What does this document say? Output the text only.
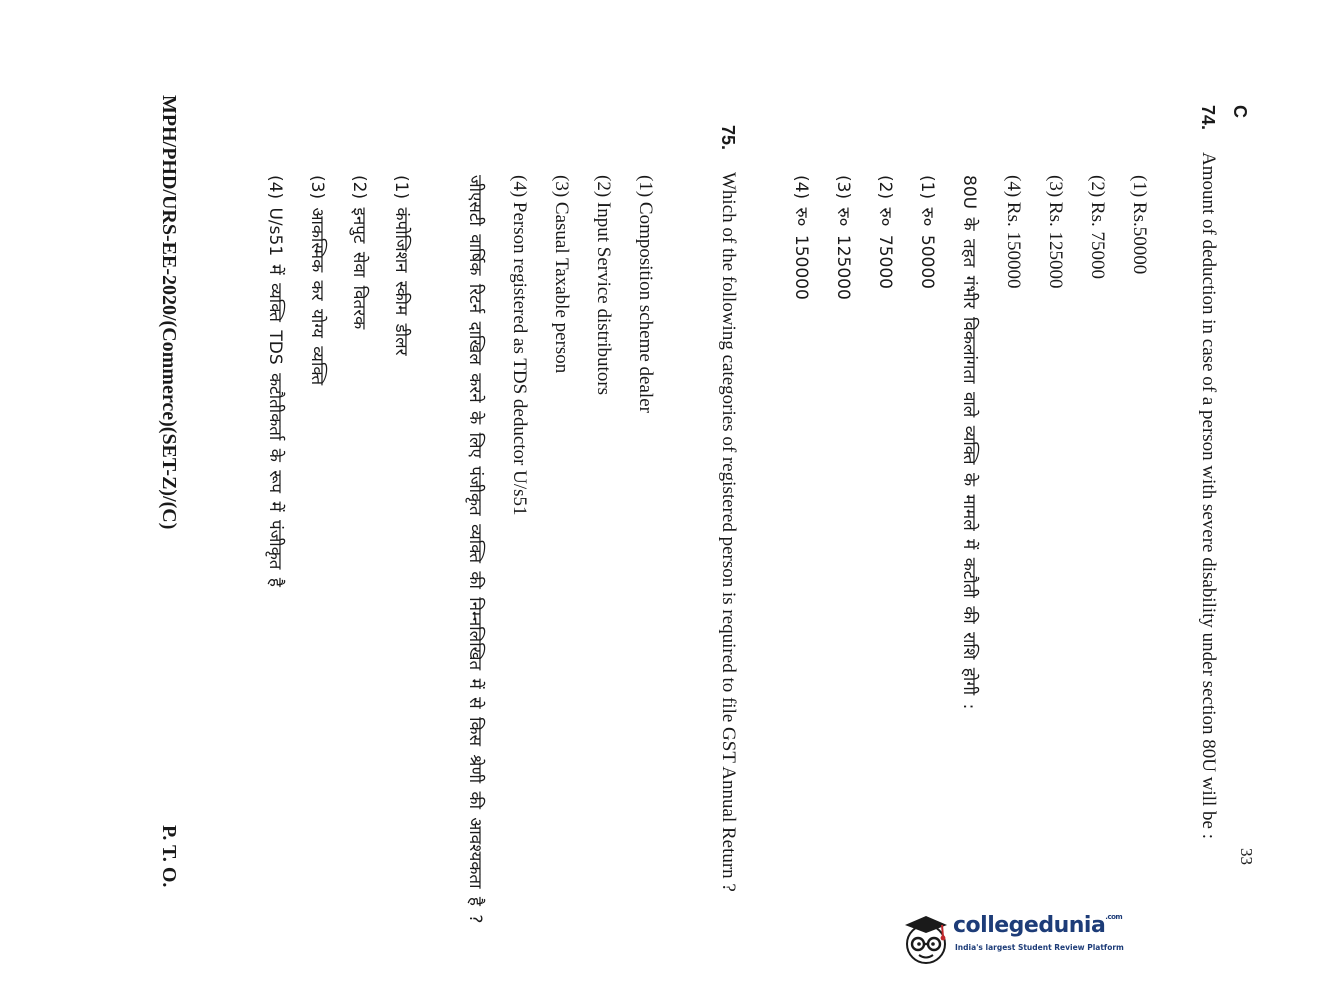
C
33
74.
Amount of deduction in case of a person with severe disability under section 80U will be :
(1) Rs.50000
(2) Rs. 75000
(3) Rs. 125000
(4) Rs. 150000
80U के तहत गंभीर विकलांगता वाले व्यक्ति के मामले में कटौती की राशि होगी :
(1) रु० 50000
(2) रु० 75000
(3) रु० 125000
(4) रु० 150000
75.
Which of the following categories of registered person is required to file GST Annual Return ?
(1) Composition scheme dealer
(2) Input Service distributors
(3) Casual Taxable person
(4) Person registered as TDS deductor U/s51
जीएसटी वार्षिक रिटर्न दाखिल करने के लिए पंजीकृत व्यक्ति की निम्नलिखित में से किस श्रेणी की आवश्यकता है ?
(1) कंपोजिशन स्कीम डीलर
(2) इनपुट सेवा वितरक
(3) आकस्मिक कर योग्य व्यक्ति
(4) U/s51 में व्यक्ति TDS कटौतीकर्ता के रूप में पंजीकृत है
MPH/PHD/URS-EE-2020/(Commerce)(SET-Z)/(C)
P. T. O.
collegedunia$^{.com}$
India's largest Student Review Platform
